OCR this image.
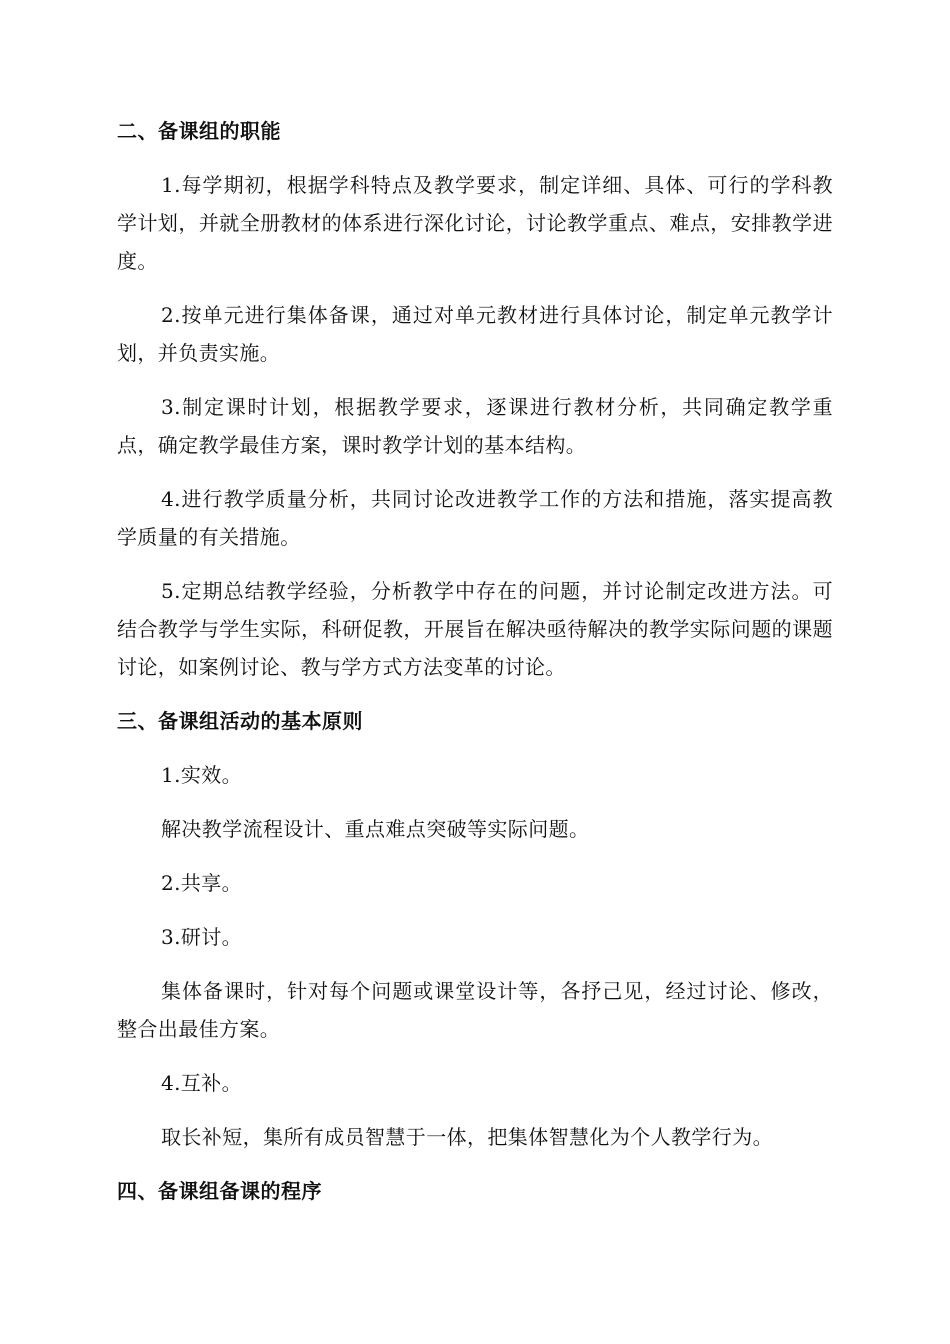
二、备课组的职能

1.每学期初，根据学科特点及教学要求，制定详细、具体、可行的学科教学计划，并就全册教材的体系进行深化讨论，讨论教学重点、难点，安排教学进度。

2.按单元进行集体备课，通过对单元教材进行具体讨论，制定单元教学计划，并负责实施。

3.制定课时计划，根据教学要求，逐课进行教材分析，共同确定教学重点，确定教学最佳方案，课时教学计划的基本结构。

4.进行教学质量分析，共同讨论改进教学工作的方法和措施，落实提高教学质量的有关措施。

5.定期总结教学经验，分析教学中存在的问题，并讨论制定改进方法。可结合教学与学生实际，科研促教，开展旨在解决亟待解决的教学实际问题的课题讨论，如案例讨论、教与学方式方法变革的讨论。

三、备课组活动的基本原则

1.实效。

解决教学流程设计、重点难点突破等实际问题。

2.共享。

3.研讨。

集体备课时，针对每个问题或课堂设计等，各抒己见，经过讨论、修改，整合出最佳方案。

4.互补。

取长补短，集所有成员智慧于一体，把集体智慧化为个人教学行为。

四、备课组备课的程序
